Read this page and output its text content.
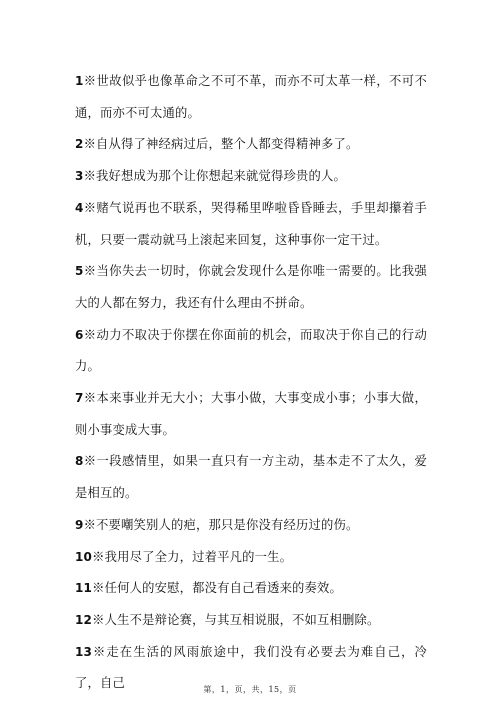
1※世故似乎也像革命之不可不革，而亦不可太革一样，不可不通，而亦不可太通的。

2※自从得了神经病过后，整个人都变得精神多了。

3※我好想成为那个让你想起来就觉得珍贵的人。

4※赌气说再也不联系，哭得稀里哗啦昏昏睡去，手里却攥着手机，只要一震动就马上滚起来回复，这种事你一定干过。

5※当你失去一切时，你就会发现什么是你唯一需要的。比我强大的人都在努力，我还有什么理由不拼命。

6※动力不取决于你摆在你面前的机会，而取决于你自己的行动力。

7※本来事业并无大小；大事小做，大事变成小事；小事大做，则小事变成大事。

8※一段感情里，如果一直只有一方主动，基本走不了太久，爱是相互的。

9※不要嘲笑别人的疤，那只是你没有经历过的伤。

10※我用尽了全力，过着平凡的一生。

11※任何人的安慰，都没有自己看透来的奏效。

12※人生不是辩论赛，与其互相说服，不如互相删除。

13※走在生活的风雨旅途中，我们没有必要去为难自己，冷了，自己	第，1，页，共，15，页
